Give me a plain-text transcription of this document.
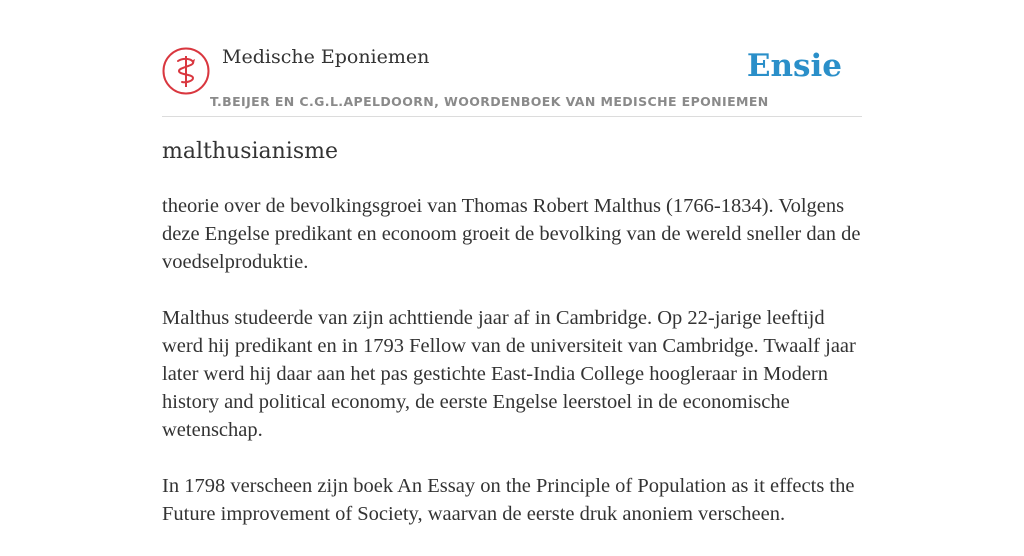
Medische Eponiemen
T.BEIJER EN C.G.L.APELDOORN, WOORDENBOEK VAN MEDISCHE EPONIEMEN
Ensie
malthusianisme

theorie over de bevolkingsgroei van Thomas Robert Malthus (1766-1834). Volgens deze Engelse predikant en econoom groeit de bevolking van de wereld sneller dan de voedselproduktie.

Malthus studeerde van zijn achttiende jaar af in Cambridge. Op 22-jarige leeftijd werd hij predikant en in 1793 Fellow van de universiteit van Cambridge. Twaalf jaar later werd hij daar aan het pas gestichte East-India College hoogleraar in Modern history and political economy, de eerste Engelse leerstoel in de economische wetenschap.

In 1798 verscheen zijn boek An Essay on the Principle of Population as it effects the Future improvement of Society, waarvan de eerste druk anoniem verscheen.
